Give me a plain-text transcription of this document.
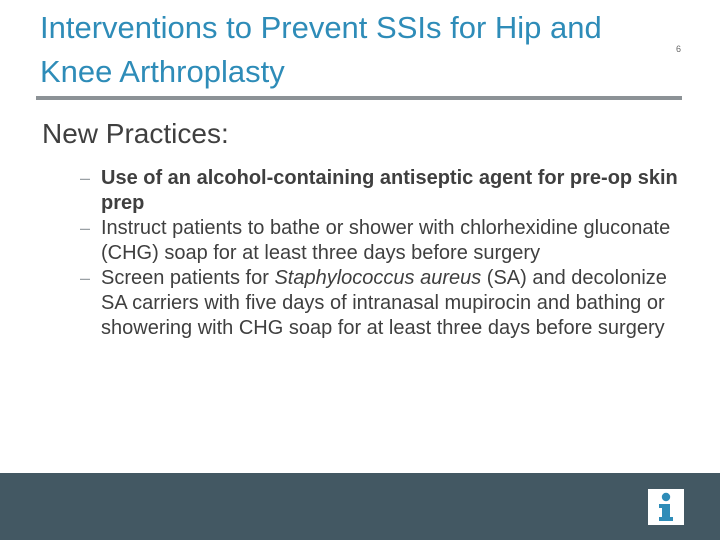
Interventions to Prevent SSIs for Hip and Knee Arthroplasty
6
New Practices:
– Use of an alcohol-containing antiseptic agent for pre-op skin prep
– Instruct patients to bathe or shower with chlorhexidine gluconate (CHG) soap for at least three days before surgery
– Screen patients for Staphylococcus aureus (SA) and decolonize SA carriers with five days of intranasal mupirocin and bathing or showering with CHG soap for at least three days before surgery
